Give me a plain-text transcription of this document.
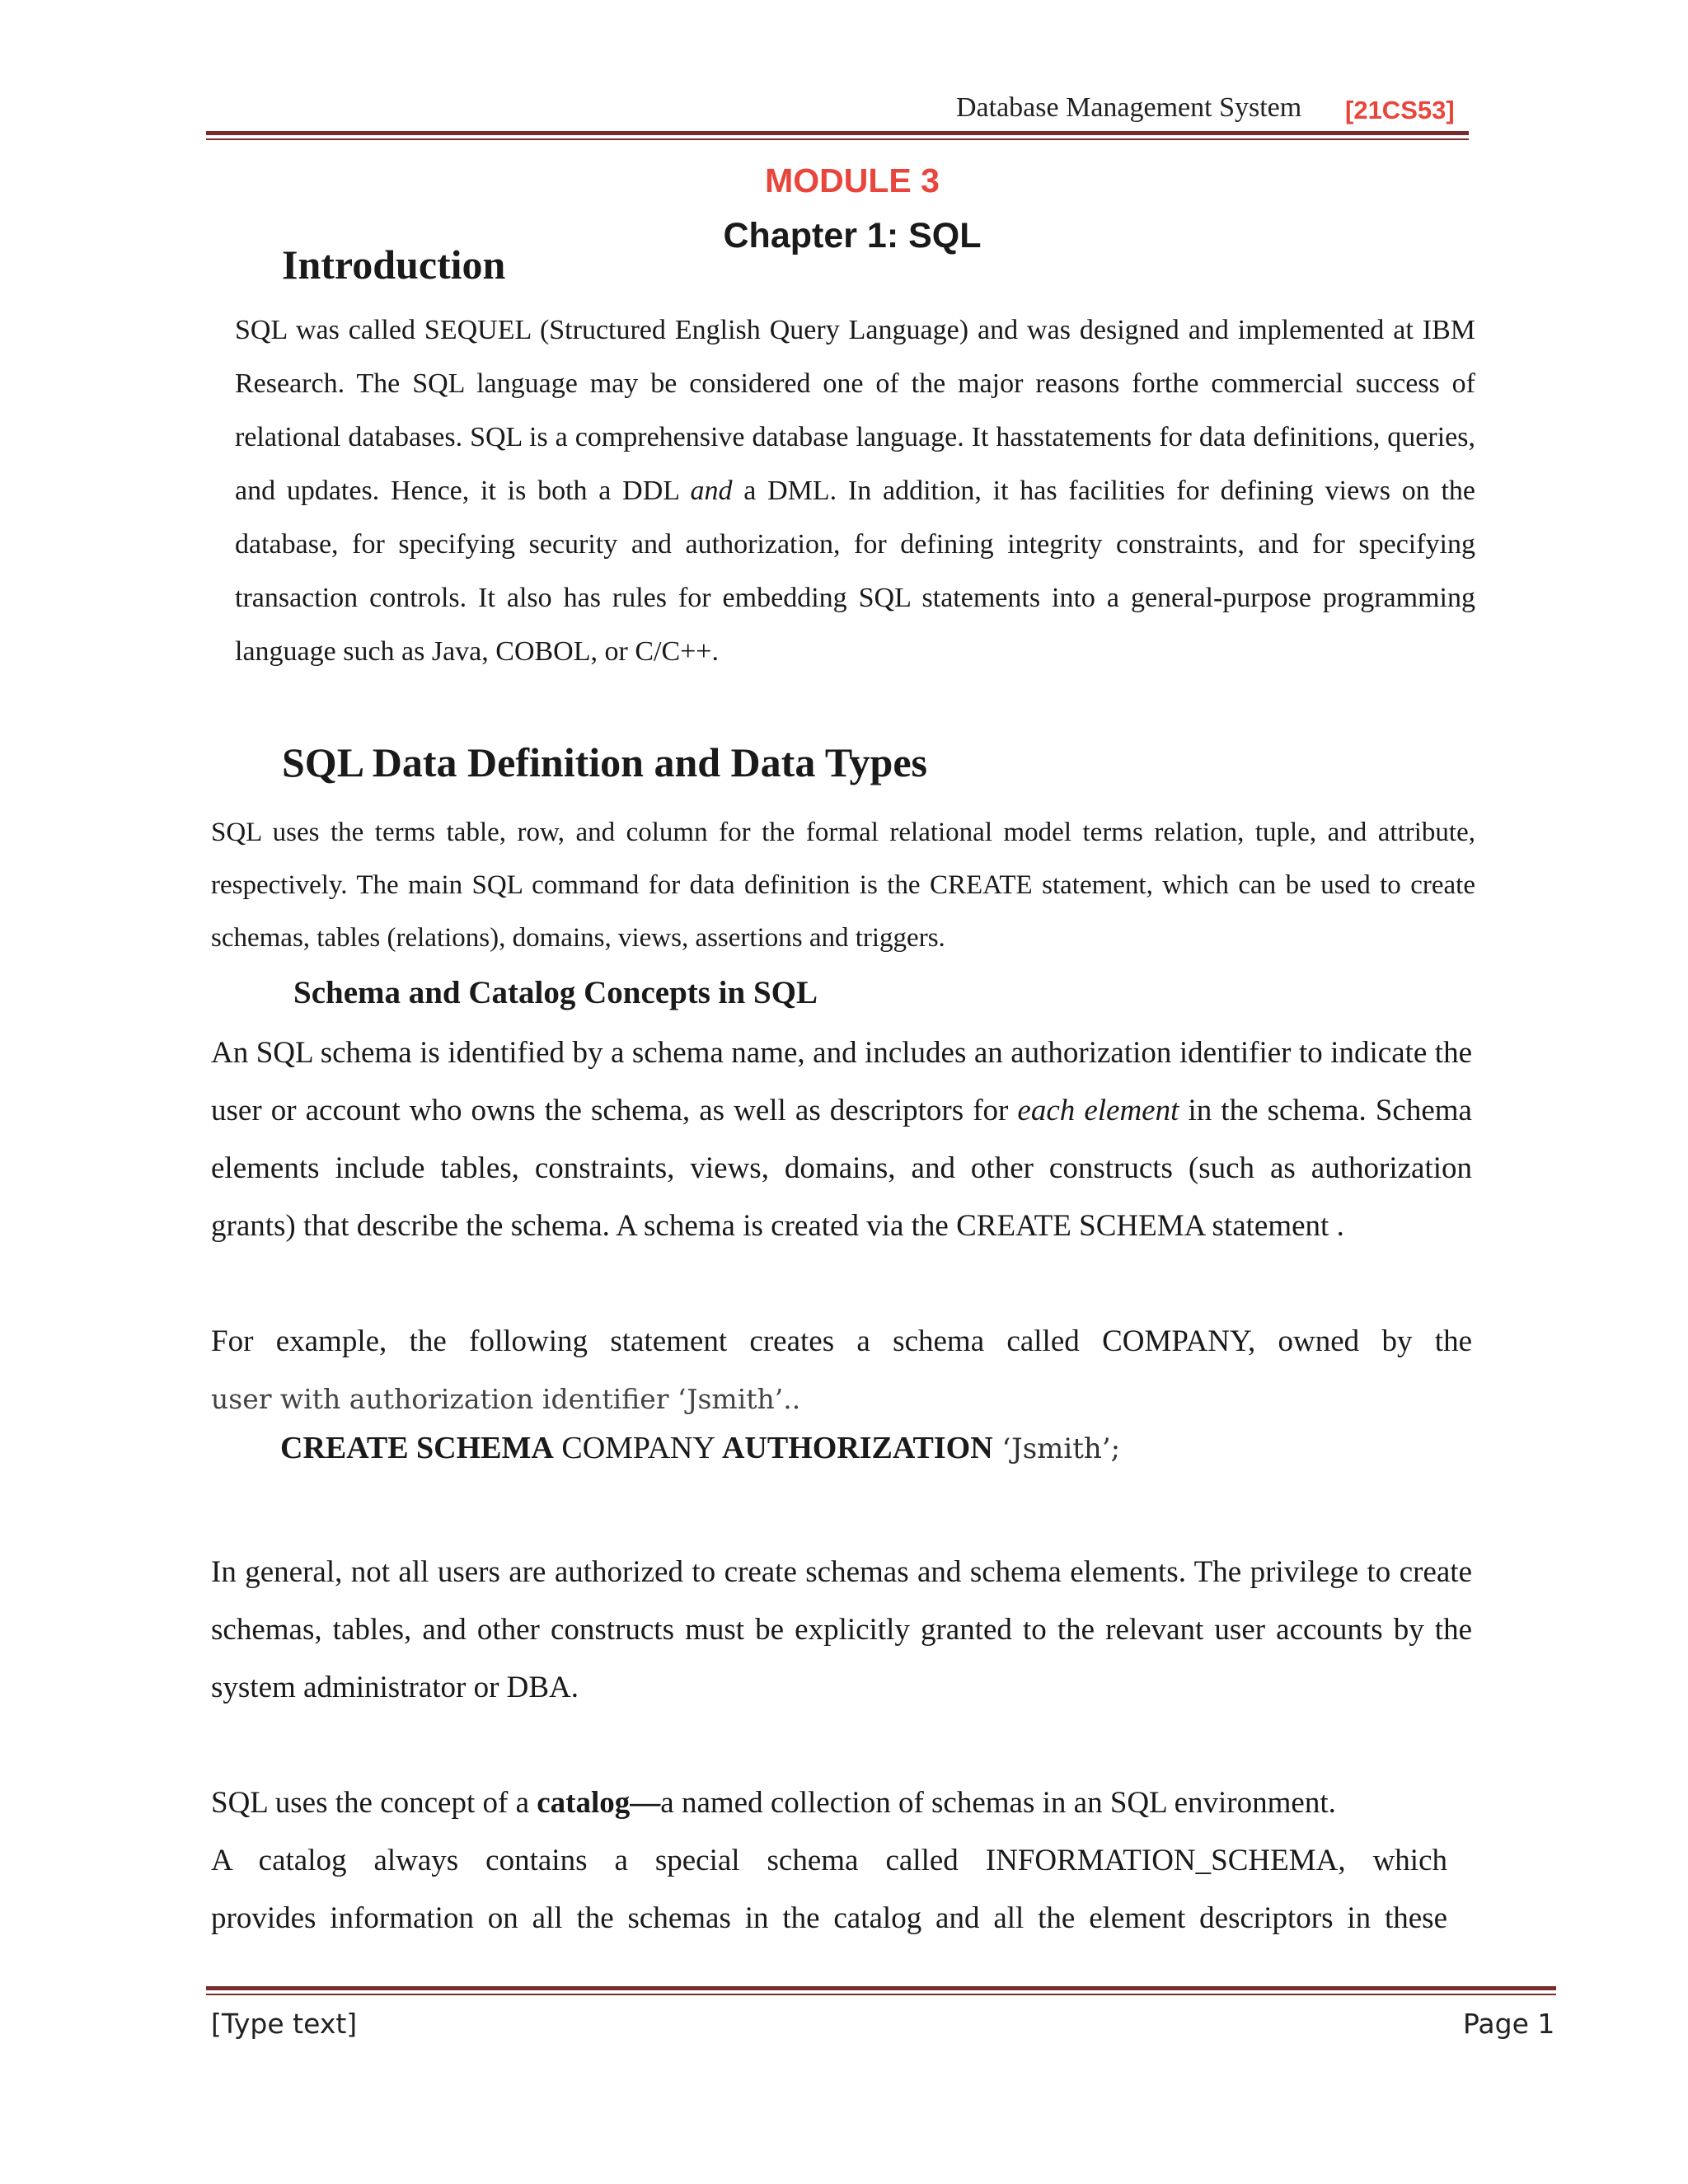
Database Management System [21CS53]
MODULE 3
Chapter 1: SQL
Introduction
SQL was called SEQUEL (Structured English Query Language) and was designed and implemented at IBM Research. The SQL language may be considered one of the major reasons forthe commercial success of relational databases. SQL is a comprehensive database language. It hasstatements for data definitions, queries, and updates. Hence, it is both a DDL and a DML. In addition, it has facilities for defining views on the database, for specifying security and authorization, for defining integrity constraints, and for specifying transaction controls. It also has rules for embedding SQL statements into a general-purpose programming language such as Java, COBOL, or C/C++.
SQL Data Definition and Data Types
SQL uses the terms table, row, and column for the formal relational model terms relation, tuple, and attribute, respectively. The main SQL command for data definition is the CREATE statement, which can be used to create schemas, tables (relations), domains, views, assertions and triggers.
Schema and Catalog Concepts in SQL
An SQL schema is identified by a schema name, and includes an authorization identifier to indicate the user or account who owns the schema, as well as descriptors for each element in the schema. Schema elements include tables, constraints, views, domains, and other constructs (such as authorization grants) that describe the schema. A schema is created via the CREATE SCHEMA statement .
For example, the following statement creates a schema called COMPANY, owned by the
user with authorization identifier ‘Jsmith’..
CREATE SCHEMA COMPANY AUTHORIZATION ‘Jsmith’;
In general, not all users are authorized to create schemas and schema elements. The privilege to create schemas, tables, and other constructs must be explicitly granted to the relevant user accounts by the system administrator or DBA.
SQL uses the concept of a catalog—a named collection of schemas in an SQL environment.
A catalog always contains a special schema called INFORMATION_SCHEMA, which
provides information on all the schemas in the catalog and all the element descriptors in these
[Type text]	Page 1
